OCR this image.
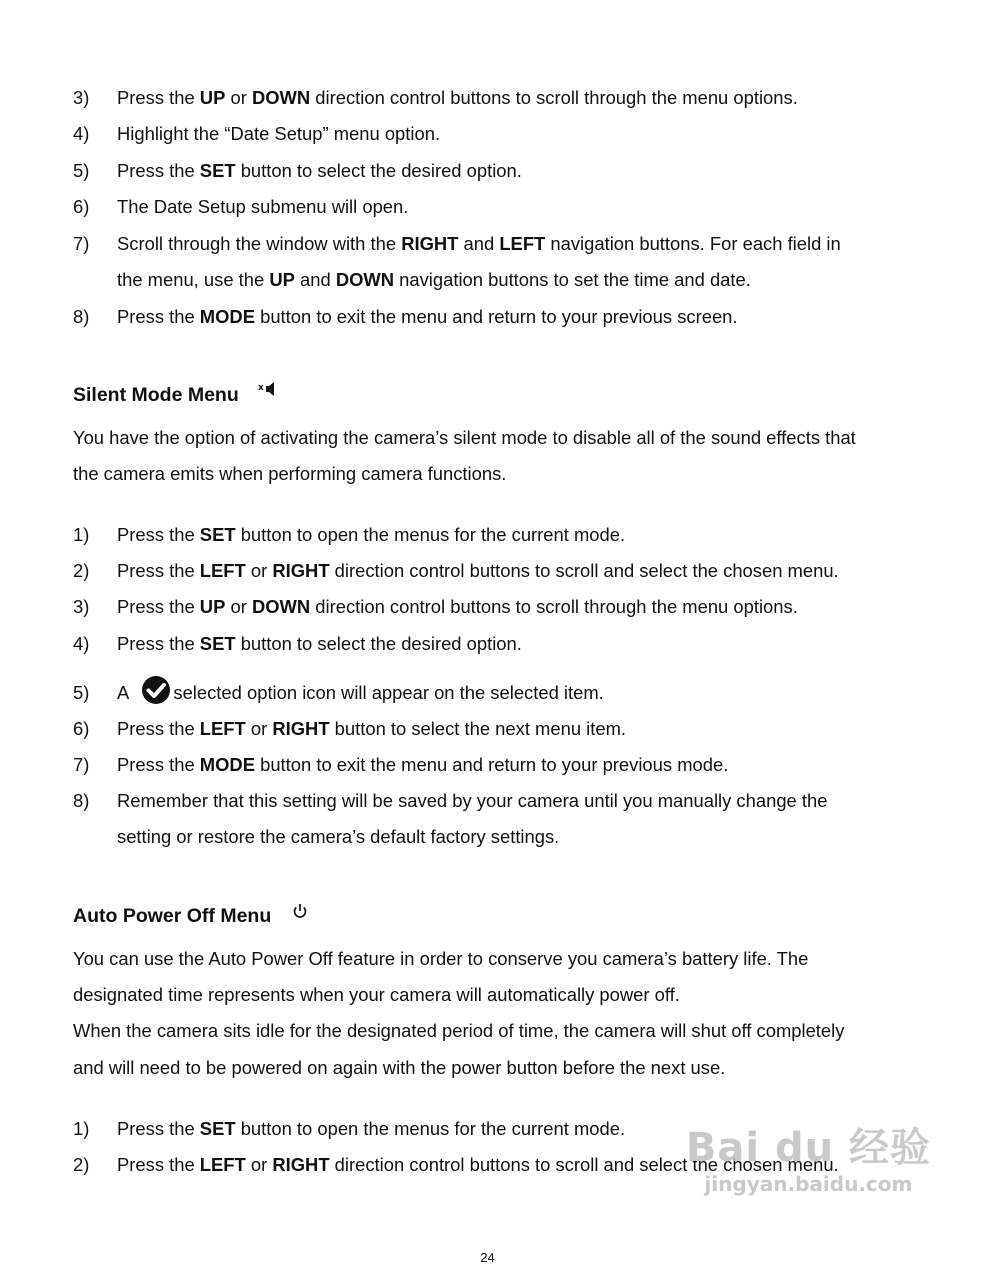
3) Press the UP or DOWN direction control buttons to scroll through the menu options.
4) Highlight the “Date Setup” menu option.
5) Press the SET button to select the desired option.
6) The Date Setup submenu will open.
7) Scroll through the window with the RIGHT and LEFT navigation buttons. For each field in
the menu, use the UP and DOWN navigation buttons to set the time and date.
8) Press the MODE button to exit the menu and return to your previous screen.
Silent Mode Menu x
You have the option of activating the camera’s silent mode to disable all of the sound effects that
the camera emits when performing camera functions.
1) Press the SET button to open the menus for the current mode.
2) Press the LEFT or RIGHT direction control buttons to scroll and select the chosen menu.
3) Press the UP or DOWN direction control buttons to scroll through the menu options.
4) Press the SET button to select the desired option.
5) A selected option icon will appear on the selected item.
6) Press the LEFT or RIGHT button to select the next menu item.
7) Press the MODE button to exit the menu and return to your previous mode.
8) Remember that this setting will be saved by your camera until you manually change the
setting or restore the camera’s default factory settings.
Auto Power Off Menu
You can use the Auto Power Off feature in order to conserve you camera’s battery life. The
designated time represents when your camera will automatically power off.
When the camera sits idle for the designated period of time, the camera will shut off completely
and will need to be powered on again with the power button before the next use.
1) Press the SET button to open the menus for the current mode.
2) Press the LEFT or RIGHT direction control buttons to scroll and select the chosen menu.
Bai du 经验
jingyan.baidu.com
24
